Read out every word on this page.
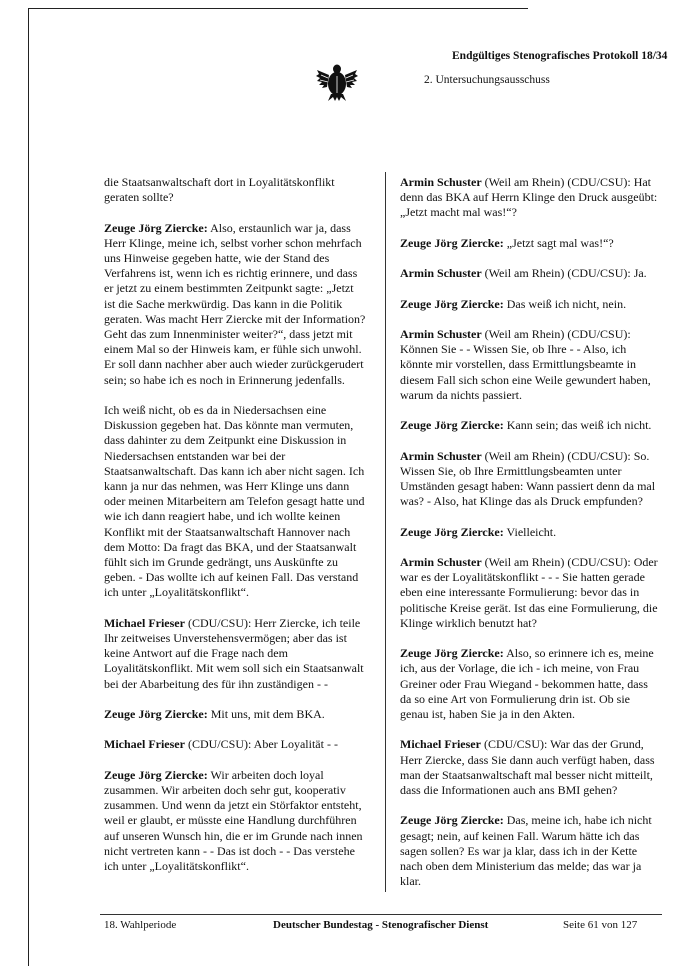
Endgültiges Stenografisches Protokoll 18/34
2. Untersuchungsausschuss

die Staatsanwaltschaft dort in Loyalitätskonflikt geraten sollte?

Zeuge Jörg Ziercke: Also, erstaunlich war ja, dass Herr Klinge, meine ich, selbst vorher schon mehrfach uns Hinweise gegeben hatte, wie der Stand des Verfahrens ist, wenn ich es richtig erinnere, und dass er jetzt zu einem bestimmten Zeitpunkt sagte: „Jetzt ist die Sache merkwürdig. Das kann in die Politik geraten. Was macht Herr Ziercke mit der Information? Geht das zum Innenminister weiter?“, dass jetzt mit einem Mal so der Hinweis kam, er fühle sich unwohl. Er soll dann nachher aber auch wieder zurückgerudert sein; so habe ich es noch in Erinnerung jedenfalls.

Ich weiß nicht, ob es da in Niedersachsen eine Diskussion gegeben hat. Das könnte man vermuten, dass dahinter zu dem Zeitpunkt eine Diskussion in Niedersachsen entstanden war bei der Staatsanwaltschaft. Das kann ich aber nicht sagen. Ich kann ja nur das nehmen, was Herr Klinge uns dann oder meinen Mitarbeitern am Telefon gesagt hatte und wie ich dann reagiert habe, und ich wollte keinen Konflikt mit der Staatsanwaltschaft Hannover nach dem Motto: Da fragt das BKA, und der Staatsanwalt fühlt sich im Grunde gedrängt, uns Auskünfte zu geben. - Das wollte ich auf keinen Fall. Das verstand ich unter „Loyalitätskonflikt“.

Michael Frieser (CDU/CSU): Herr Ziercke, ich teile Ihr zeitweises Unverstehensvermögen; aber das ist keine Antwort auf die Frage nach dem Loyalitätskonflikt. Mit wem soll sich ein Staatsanwalt bei der Abarbeitung des für ihn zuständigen - -

Zeuge Jörg Ziercke: Mit uns, mit dem BKA.

Michael Frieser (CDU/CSU): Aber Loyalität - -

Zeuge Jörg Ziercke: Wir arbeiten doch loyal zusammen. Wir arbeiten doch sehr gut, kooperativ zusammen. Und wenn da jetzt ein Störfaktor entsteht, weil er glaubt, er müsste eine Handlung durchführen auf unseren Wunsch hin, die er im Grunde nach innen nicht vertreten kann - - Das ist doch - - Das verstehe ich unter „Loyalitätskonflikt“.

Armin Schuster (Weil am Rhein) (CDU/CSU): Hat denn das BKA auf Herrn Klinge den Druck ausgeübt: „Jetzt macht mal was!“?

Zeuge Jörg Ziercke: „Jetzt sagt mal was!“?

Armin Schuster (Weil am Rhein) (CDU/CSU): Ja.

Zeuge Jörg Ziercke: Das weiß ich nicht, nein.

Armin Schuster (Weil am Rhein) (CDU/CSU): Können Sie - - Wissen Sie, ob Ihre - - Also, ich könnte mir vorstellen, dass Ermittlungsbeamte in diesem Fall sich schon eine Weile gewundert haben, warum da nichts passiert.

Zeuge Jörg Ziercke: Kann sein; das weiß ich nicht.

Armin Schuster (Weil am Rhein) (CDU/CSU): So. Wissen Sie, ob Ihre Ermittlungsbeamten unter Umständen gesagt haben: Wann passiert denn da mal was? - Also, hat Klinge das als Druck empfunden?

Zeuge Jörg Ziercke: Vielleicht.

Armin Schuster (Weil am Rhein) (CDU/CSU): Oder war es der Loyalitätskonflikt - - - Sie hatten gerade eben eine interessante Formulierung: bevor das in politische Kreise gerät. Ist das eine Formulierung, die Klinge wirklich benutzt hat?

Zeuge Jörg Ziercke: Also, so erinnere ich es, meine ich, aus der Vorlage, die ich - ich meine, von Frau Greiner oder Frau Wiegand - bekommen hatte, dass da so eine Art von Formulierung drin ist. Ob sie genau ist, haben Sie ja in den Akten.

Michael Frieser (CDU/CSU): War das der Grund, Herr Ziercke, dass Sie dann auch verfügt haben, dass man der Staatsanwaltschaft mal besser nicht mitteilt, dass die Informationen auch ans BMI gehen?

Zeuge Jörg Ziercke: Das, meine ich, habe ich nicht gesagt; nein, auf keinen Fall. Warum hätte ich das sagen sollen? Es war ja klar, dass ich in der Kette nach oben dem Ministerium das melde; das war ja klar.

18. Wahlperiode	Deutscher Bundestag - Stenografischer Dienst	Seite 61 von 127
